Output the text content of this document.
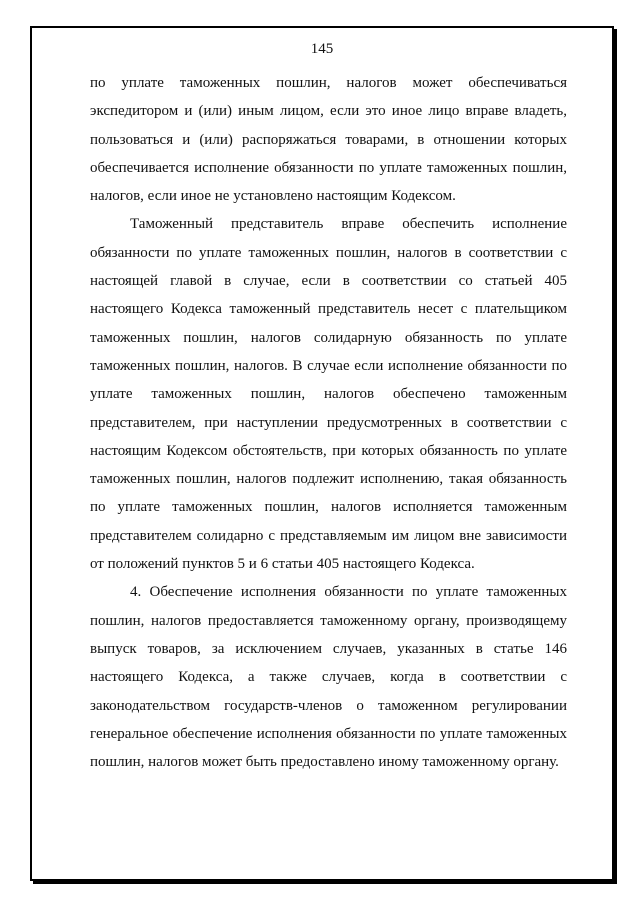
145

по уплате таможенных пошлин, налогов может обеспечиваться экспедитором и (или) иным лицом, если это иное лицо вправе владеть, пользоваться и (или) распоряжаться товарами, в отношении которых обеспечивается исполнение обязанности по уплате таможенных пошлин, налогов, если иное не установлено настоящим Кодексом.

Таможенный представитель вправе обеспечить исполнение обязанности по уплате таможенных пошлин, налогов в соответствии с настоящей главой в случае, если в соответствии со статьей 405 настоящего Кодекса таможенный представитель несет с плательщиком таможенных пошлин, налогов солидарную обязанность по уплате таможенных пошлин, налогов. В случае если исполнение обязанности по уплате таможенных пошлин, налогов обеспечено таможенным представителем, при наступлении предусмотренных в соответствии с настоящим Кодексом обстоятельств, при которых обязанность по уплате таможенных пошлин, налогов подлежит исполнению, такая обязанность по уплате таможенных пошлин, налогов исполняется таможенным представителем солидарно с представляемым им лицом вне зависимости от положений пунктов 5 и 6 статьи 405 настоящего Кодекса.

4. Обеспечение исполнения обязанности по уплате таможенных пошлин, налогов предоставляется таможенному органу, производящему выпуск товаров, за исключением случаев, указанных в статье 146 настоящего Кодекса, а также случаев, когда в соответствии с законодательством государств-членов о таможенном регулировании генеральное обеспечение исполнения обязанности по уплате таможенных пошлин, налогов может быть предоставлено иному таможенному органу.
